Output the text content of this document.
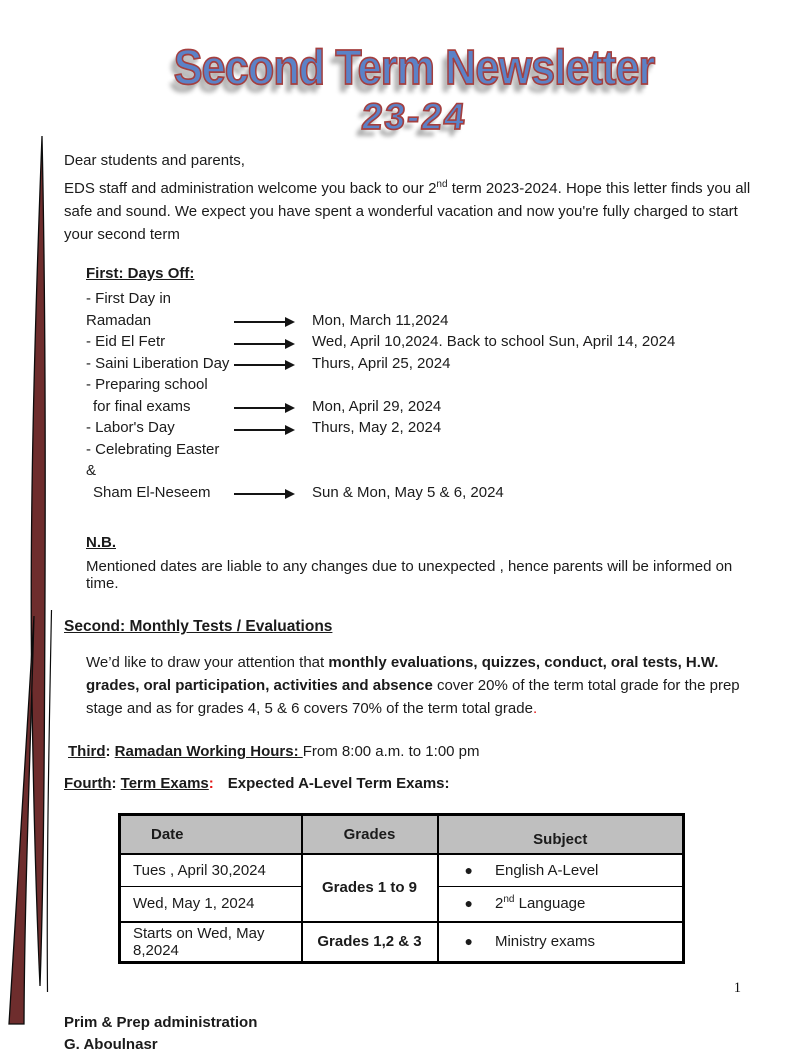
Second Term Newsletter
23-24
Dear students and parents,
EDS staff and administration welcome you back to our 2nd term 2023-2024. Hope this letter finds you all safe and sound. We expect you have spent a wonderful vacation and now you're fully charged to start your second term
First: Days Off:
- First Day in Ramadan	Mon, March 11,2024
- Eid El Fetr	Wed, April 10,2024. Back to school Sun, April 14, 2024
- Saini Liberation Day	Thurs, April 25, 2024
- Preparing school
for final exams	Mon, April 29, 2024
- Labor's Day	Thurs, May 2, 2024
- Celebrating Easter &
Sham El-Neseem	Sun & Mon, May 5 & 6, 2024
N.B.
Mentioned dates are liable to any changes due to unexpected , hence parents will be informed on time.
Second: Monthly Tests / Evaluations
We’d like to draw your attention that monthly evaluations, quizzes, conduct, oral tests, H.W. grades, oral participation, activities and absence cover 20% of the term total grade for the prep stage and as for grades 4, 5 & 6 covers 70% of the term total grade.
Third: Ramadan Working Hours: From 8:00 a.m. to 1:00 pm
Fourth: Term Exams: Expected A-Level Term Exams:
Date	Grades	Subject
Tues , April 30,2024	Grades 1 to 9	● English A-Level
Wed, May 1, 2024		● 2nd Language
Starts on Wed, May 8,2024	Grades 1,2 & 3	● Ministry exams
Prim & Prep administration
G. Aboulnasr
1
